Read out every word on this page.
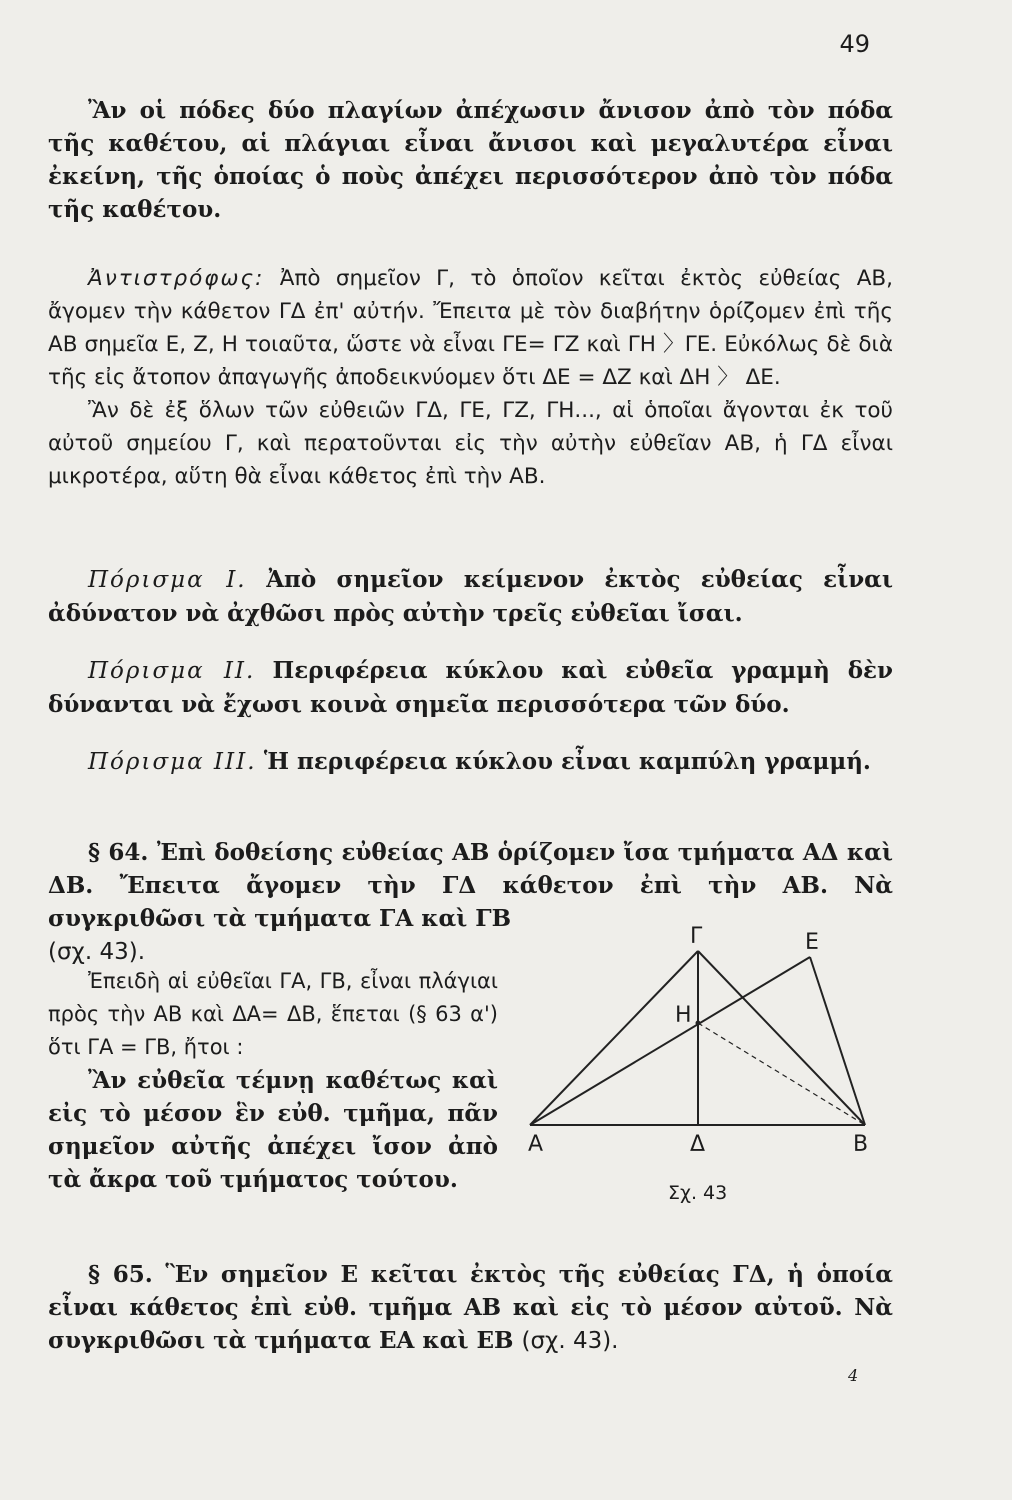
49

Ἂν οἱ πόδες δύο πλαγίων ἀπέχωσιν ἄνισον ἀπὸ τὸν πόδα τῆς καθέτου, αἱ πλάγιαι εἶναι ἄνισοι καὶ μεγαλυτέρα εἶναι ἐκείνη, τῆς ὁποίας ὁ ποὺς ἀπέχει περισσότερον ἀπὸ τὸν πόδα τῆς καθέτου.

Ἀντιστρόφως: Ἀπὸ σημεῖον Γ, τὸ ὁποῖον κεῖται ἐκτὸς εὐθείας ΑΒ, ἄγομεν τὴν κάθετον ΓΔ ἐπ' αὐτήν. Ἔπειτα μὲ τὸν διαβήτην ὁρίζομεν ἐπὶ τῆς ΑΒ σημεῖα Ε, Ζ, Η τοιαῦτα, ὥστε νὰ εἶναι ΓΕ= ΓΖ καὶ ΓΗ 〉ΓΕ. Εὐκόλως δὲ διὰ τῆς εἰς ἄτοπον ἀπαγωγῆς ἀποδεικνύομεν ὅτι ΔΕ = ΔΖ καὶ ΔΗ 〉 ΔΕ.

Ἂν δὲ ἐξ ὅλων τῶν εὐθειῶν ΓΔ, ΓΕ, ΓΖ, ΓΗ..., αἱ ὁποῖαι ἄγονται ἐκ τοῦ αὐτοῦ σημείου Γ, καὶ περατοῦνται εἰς τὴν αὐτὴν εὐθεῖαν ΑΒ, ἡ ΓΔ εἶναι μικροτέρα, αὕτη θὰ εἶναι κάθετος ἐπὶ τὴν ΑΒ.

Πόρισμα Ι. Ἀπὸ σημεῖον κείμενον ἐκτὸς εὐθείας εἶναι ἀδύνατον νὰ ἀχθῶσι πρὸς αὐτὴν τρεῖς εὐθεῖαι ἴσαι.

Πόρισμα ΙΙ. Περιφέρεια κύκλου καὶ εὐθεῖα γραμμὴ δὲν δύνανται νὰ ἔχωσι κοινὰ σημεῖα περισσότερα τῶν δύο.

Πόρισμα ΙΙΙ. Ἡ περιφέρεια κύκλου εἶναι καμπύλη γραμμή.

§ 64. Ἐπὶ δοθείσης εὐθείας ΑΒ ὁρίζομεν ἴσα τμήματα ΑΔ καὶ ΔΒ. Ἔπειτα ἄγομεν τὴν ΓΔ κάθετον ἐπὶ τὴν ΑΒ. Νὰ συγκριθῶσι τὰ τμήματα ΓΑ καὶ ΓΒ
(σχ. 43).

Ἐπειδὴ αἱ εὐθεῖαι ΓΑ, ΓΒ, εἶναι πλάγιαι πρὸς τὴν ΑΒ καὶ ΔΑ= ΔΒ, ἕπεται (§ 63 α') ὅτι ΓΑ = ΓΒ, ἤτοι :

Ἂν εὐθεῖα τέμνῃ καθέτως καὶ εἰς τὸ μέσον ἓν εὐθ. τμῆμα, πᾶν σημεῖον αὐτῆς ἀπέχει ἴσον ἀπὸ τὰ ἄκρα τοῦ τμήματος τούτου.

Γ	Ε
Η
Α	Δ	Β
Σχ. 43

§ 65. Ἓν σημεῖον Ε κεῖται ἐκτὸς τῆς εὐθείας ΓΔ, ἡ ὁποία εἶναι κάθετος ἐπὶ εὐθ. τμῆμα ΑΒ καὶ εἰς τὸ μέσον αὐτοῦ. Νὰ συγκριθῶσι τὰ τμήματα ΕΑ καὶ ΕΒ (σχ. 43).

4
